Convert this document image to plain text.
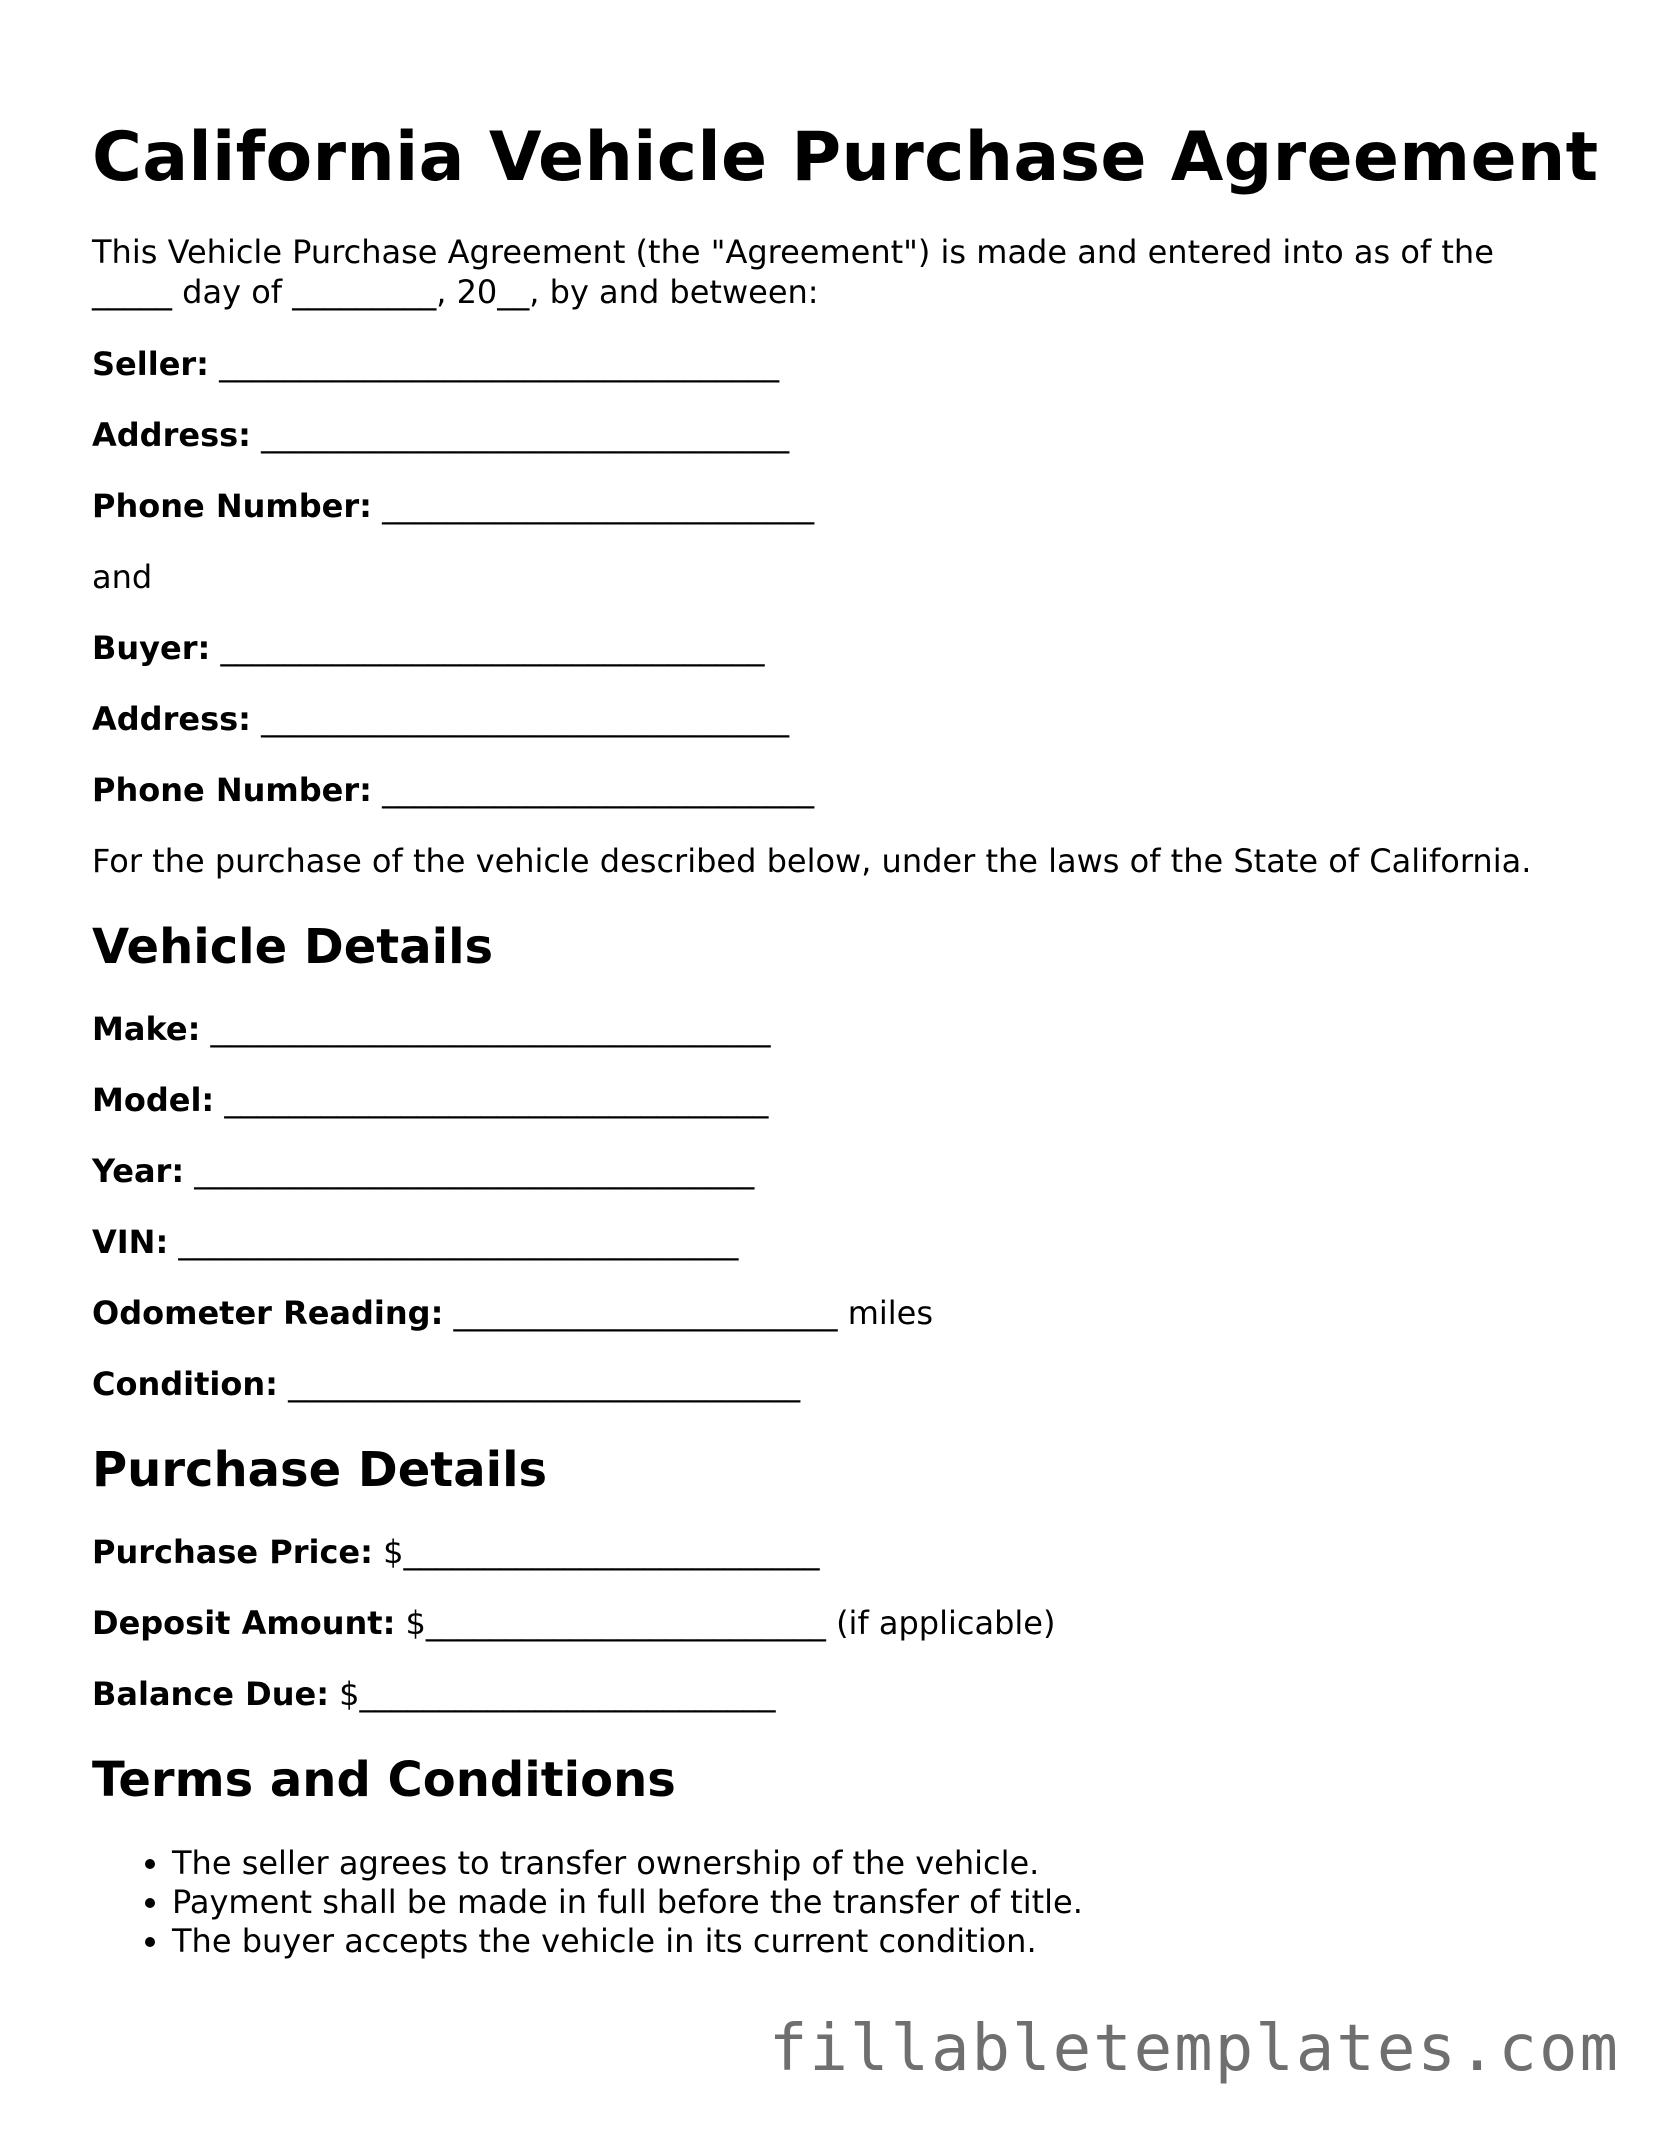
California Vehicle Purchase Agreement
This Vehicle Purchase Agreement (the "Agreement") is made and entered into as of the _____ day of _________, 20__, by and between:
Seller: ___________________________________
Address: _________________________________
Phone Number: ___________________________
and
Buyer: __________________________________
Address: _________________________________
Phone Number: ___________________________
For the purchase of the vehicle described below, under the laws of the State of California.
Vehicle Details
Make: ___________________________________
Model: __________________________________
Year: ___________________________________
VIN: ___________________________________
Odometer Reading: ________________________ miles
Condition: ________________________________
Purchase Details
Purchase Price: $__________________________
Deposit Amount: $_________________________ (if applicable)
Balance Due: $__________________________
Terms and Conditions
• The seller agrees to transfer ownership of the vehicle.
• Payment shall be made in full before the transfer of title.
• The buyer accepts the vehicle in its current condition.
fillabletemplates.com
